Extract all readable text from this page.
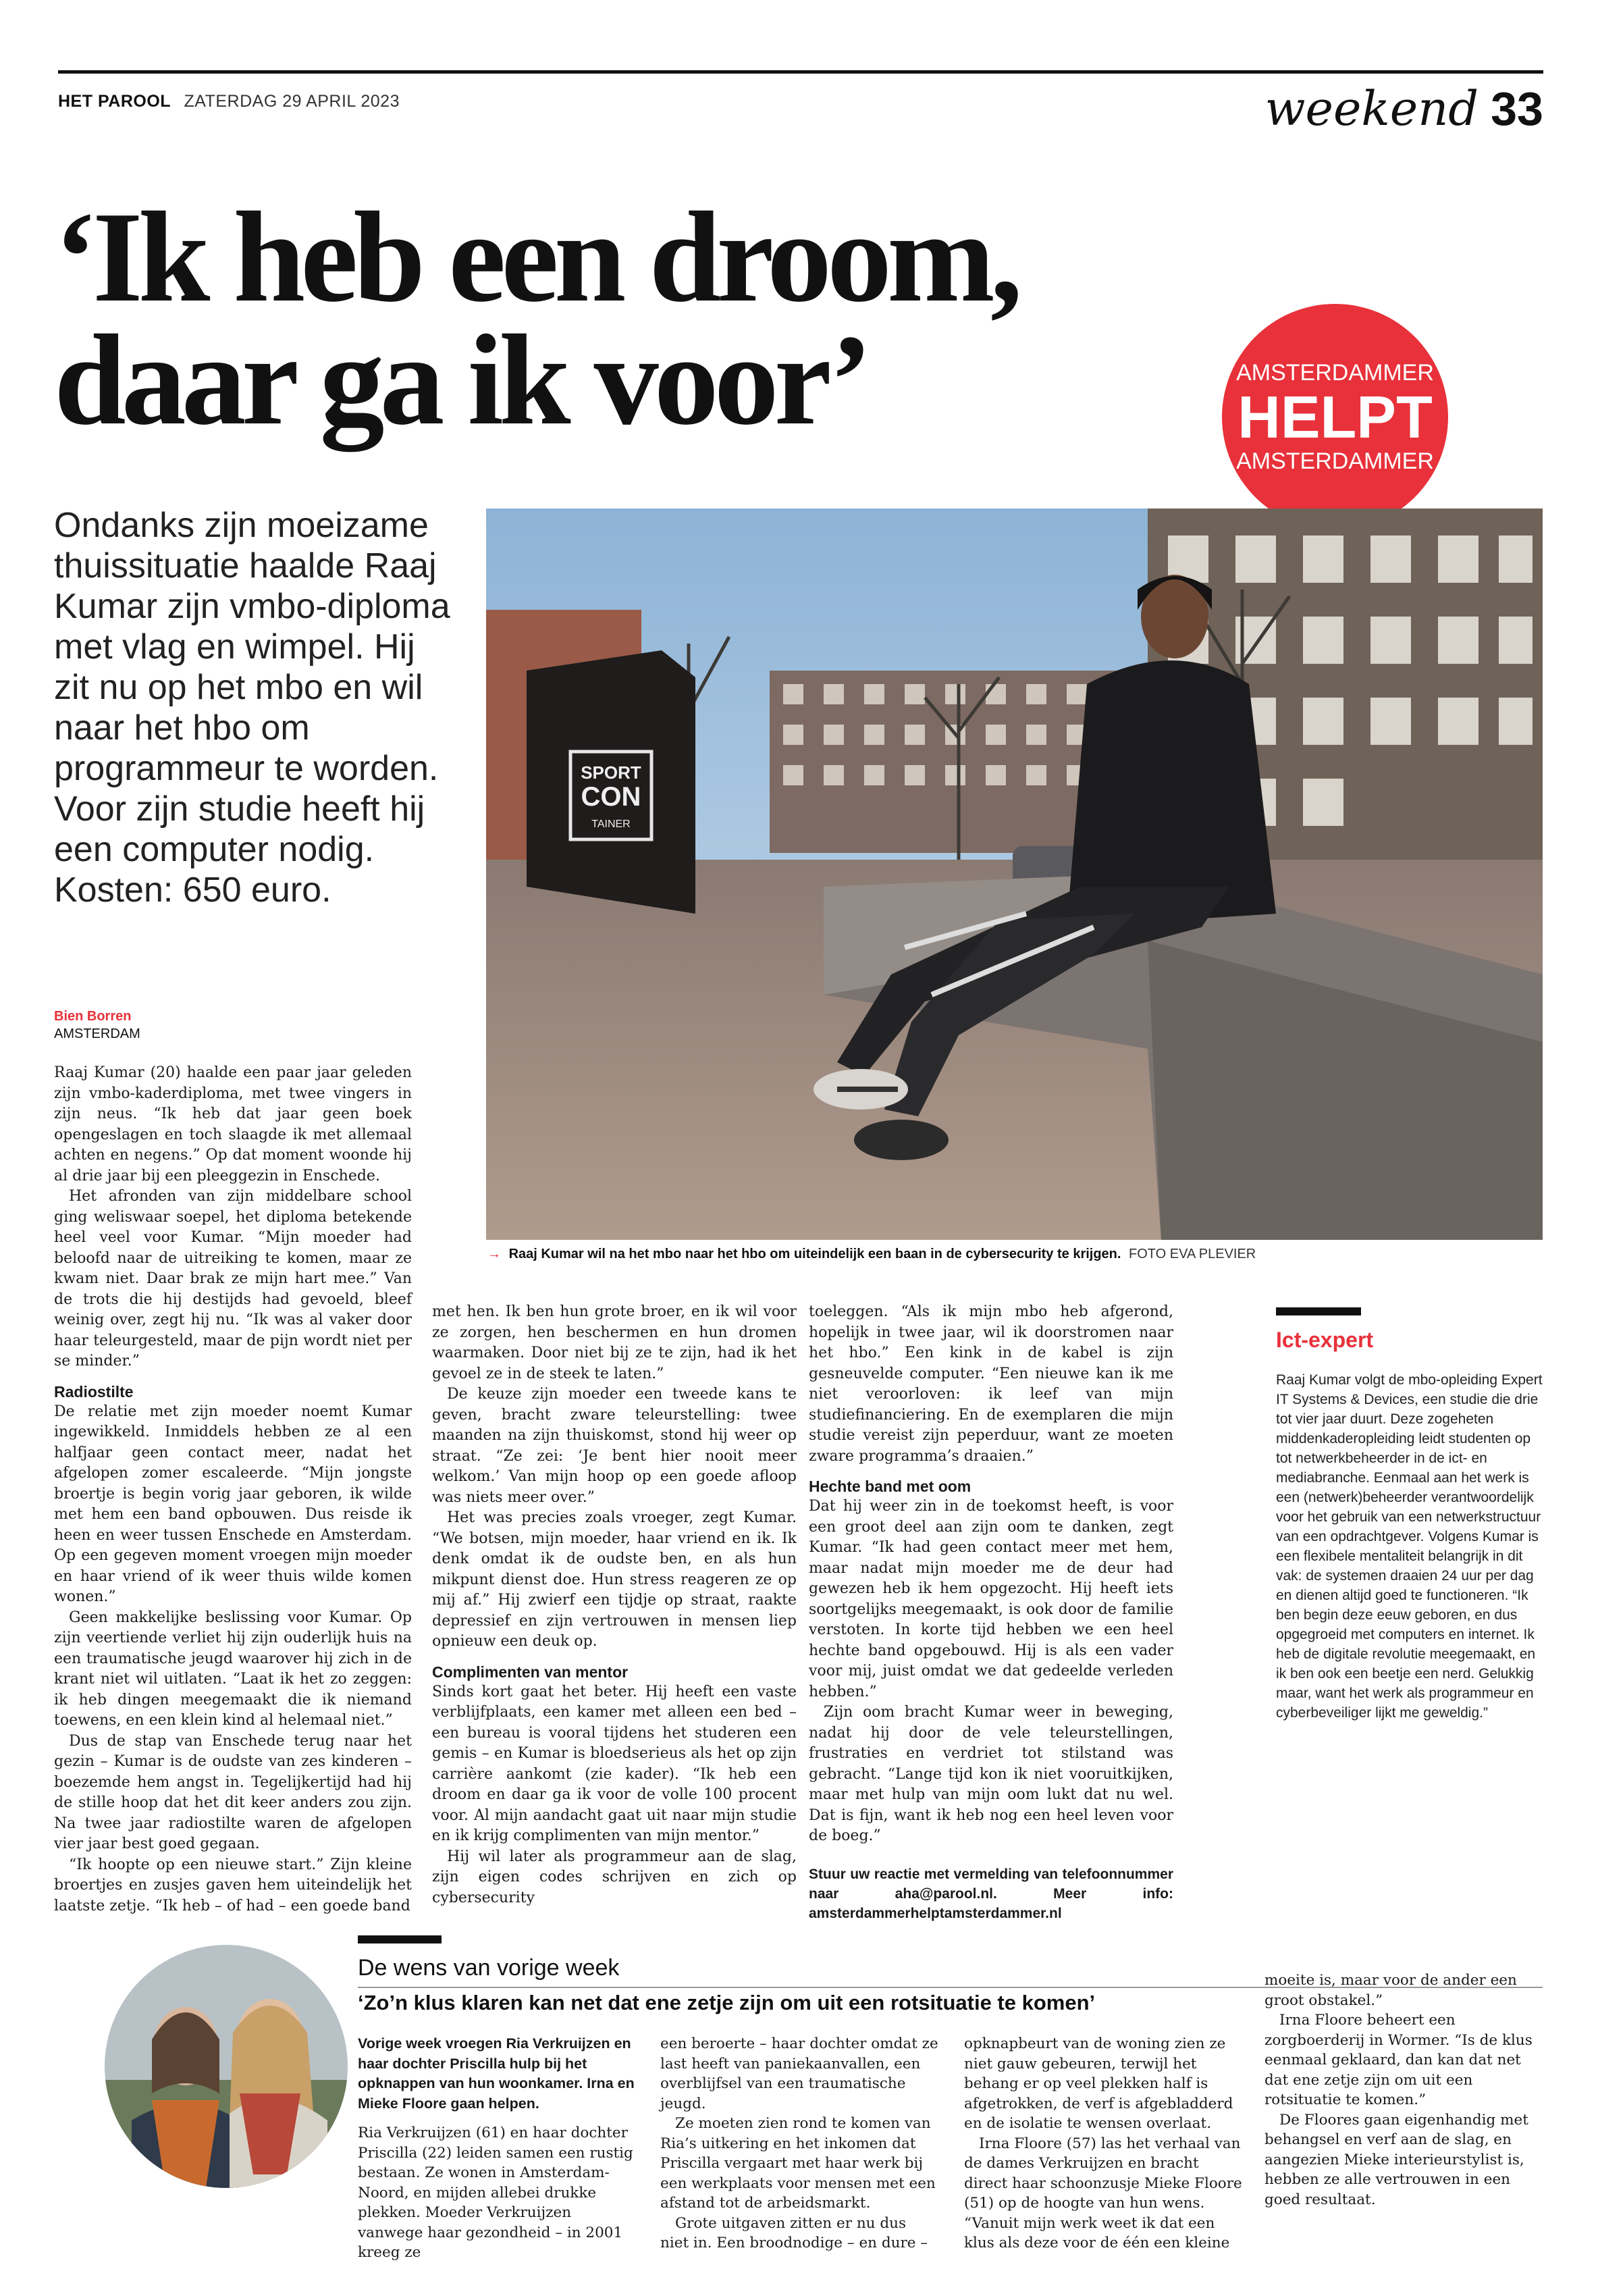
HET PAROOL ZATERDAG 29 APRIL 2023	weekend 33
‘Ik heb een droom,
daar ga ik voor’	AMSTERDAMMER
HELPT
AMSTERDAMMER

Ondanks zijn moeizame thuissituatie haalde Raaj Kumar zijn vmbo-diploma met vlag en wimpel. Hij zit nu op het mbo en wil naar het hbo om programmeur te worden. Voor zijn studie heeft hij een computer nodig. Kosten: 650 euro.

SPORT
CON
TAINER
→ Raaj Kumar wil na het mbo naar het hbo om uiteindelijk een baan in de cybersecurity te krijgen. FOTO EVA PLEVIER
Bien Borren
AMSTERDAM

Raaj Kumar (20) haalde een paar jaar geleden zijn vmbo-kaderdiploma, met twee vingers in zijn neus. “Ik heb dat jaar geen boek opengeslagen en toch slaagde ik met allemaal achten en negens.” Op dat moment woonde hij al drie jaar bij een pleeggezin in Enschede.

Het afronden van zijn middelbare school ging weliswaar soepel, het diploma betekende heel veel voor Kumar. “Mijn moeder had beloofd naar de uitreiking te komen, maar ze kwam niet. Daar brak ze mijn hart mee.” Van de trots die hij destijds had gevoeld, bleef weinig over, zegt hij nu. “Ik was al vaker door haar teleurgesteld, maar de pijn wordt niet per se minder.”

Radiostilte

De relatie met zijn moeder noemt Kumar ingewikkeld. Inmiddels hebben ze al een halfjaar geen contact meer, nadat het afgelopen zomer escaleerde. “Mijn jongste broertje is begin vorig jaar geboren, ik wilde met hem een band opbouwen. Dus reisde ik heen en weer tussen Enschede en Amsterdam. Op een gegeven moment vroegen mijn moeder en haar vriend of ik weer thuis wilde komen wonen.”

Geen makkelijke beslissing voor Kumar. Op zijn veertiende verliet hij zijn ouderlijk huis na een traumatische jeugd waarover hij zich in de krant niet wil uitlaten. “Laat ik het zo zeggen: ik heb dingen meegemaakt die ik niemand toewens, en een klein kind al helemaal niet.”

Dus de stap van Enschede terug naar het gezin – Kumar is de oudste van zes kinderen – boezemde hem angst in. Tegelijkertijd had hij de stille hoop dat het dit keer anders zou zijn. Na twee jaar radiostilte waren de afgelopen vier jaar best goed gegaan.

“Ik hoopte op een nieuwe start.” Zijn kleine broertjes en zusjes gaven hem uiteindelijk het laatste zetje. “Ik heb – of had – een goede band

met hen. Ik ben hun grote broer, en ik wil voor ze zorgen, hen beschermen en hun dromen waarmaken. Door niet bij ze te zijn, had ik het gevoel ze in de steek te laten.”

De keuze zijn moeder een tweede kans te geven, bracht zware teleurstelling: twee maanden na zijn thuiskomst, stond hij weer op straat. “Ze zei: ‘Je bent hier nooit meer welkom.’ Van mijn hoop op een goede afloop was niets meer over.”

Het was precies zoals vroeger, zegt Kumar. “We botsen, mijn moeder, haar vriend en ik. Ik denk omdat ik de oudste ben, en als hun mikpunt dienst doe. Hun stress reageren ze op mij af.” Hij zwierf een tijdje op straat, raakte depressief en zijn vertrouwen in mensen liep opnieuw een deuk op.

Complimenten van mentor

Sinds kort gaat het beter. Hij heeft een vaste verblijfplaats, een kamer met alleen een bed – een bureau is vooral tijdens het studeren een gemis – en Kumar is bloedserieus als het op zijn carrière aankomt (zie kader). “Ik heb een droom en daar ga ik voor de volle 100 procent voor. Al mijn aandacht gaat uit naar mijn studie en ik krijg complimenten van mijn mentor.”

Hij wil later als programmeur aan de slag, zijn eigen codes schrijven en zich op cybersecurity

toeleggen. “Als ik mijn mbo heb afgerond, hopelijk in twee jaar, wil ik doorstromen naar het hbo.” Een kink in de kabel is zijn gesneuvelde computer. “Een nieuwe kan ik me niet veroorloven: ik leef van mijn studiefinanciering. En de exemplaren die mijn studie vereist zijn peperduur, want ze moeten zware programma’s draaien.”

Hechte band met oom

Dat hij weer zin in de toekomst heeft, is voor een groot deel aan zijn oom te danken, zegt Kumar. “Ik had geen contact meer met hem, maar nadat mijn moeder me de deur had gewezen heb ik hem opgezocht. Hij heeft iets soortgelijks meegemaakt, is ook door de familie verstoten. In korte tijd hebben we een heel hechte band opgebouwd. Hij is als een vader voor mij, juist omdat we dat gedeelde verleden hebben.”

Zijn oom bracht Kumar weer in beweging, nadat hij door de vele teleurstellingen, frustraties en verdriet tot stilstand was gebracht. “Lange tijd kon ik niet vooruitkijken, maar met hulp van mijn oom lukt dat nu wel. Dat is fijn, want ik heb nog een heel leven voor de boeg.”

Stuur uw reactie met vermelding van telefoonnummer naar aha@parool.nl. Meer info: amsterdammerhelptamsterdammer.nl

Ict-expert

Raaj Kumar volgt de mbo-opleiding Expert IT Systems & Devices, een studie die drie tot vier jaar duurt. Deze zogeheten middenkaderopleiding leidt studenten op tot netwerkbeheerder in de ict- en mediabranche. Eenmaal aan het werk is een (netwerk)beheerder verantwoordelijk voor het gebruik van een netwerkstructuur van een opdrachtgever. Volgens Kumar is een flexibele mentaliteit belangrijk in dit vak: de systemen draaien 24 uur per dag en dienen altijd goed te functioneren. “Ik ben begin deze eeuw geboren, en dus opgegroeid met computers en internet. Ik heb de digitale revolutie meegemaakt, en ik ben ook een beetje een nerd. Gelukkig maar, want het werk als programmeur en cyberbeveiliger lijkt me geweldig.”

De wens van vorige week
‘Zo’n klus klaren kan net dat ene zetje zijn om uit een rotsituatie te komen’

Vorige week vroegen Ria Verkruijzen en haar dochter Priscilla hulp bij het opknappen van hun woonkamer. Irna en Mieke Floore gaan helpen.

Ria Verkruijzen (61) en haar dochter Priscilla (22) leiden samen een rustig bestaan. Ze wonen in Amsterdam-Noord, en mijden allebei drukke plekken. Moeder Verkruijzen vanwege haar gezondheid – in 2001 kreeg ze

een beroerte – haar dochter omdat ze last heeft van paniekaanvallen, een overblijfsel van een traumatische jeugd.

Ze moeten zien rond te komen van Ria’s uitkering en het inkomen dat Priscilla vergaart met haar werk bij een werkplaats voor mensen met een afstand tot de arbeidsmarkt.

Grote uitgaven zitten er nu dus niet in. Een broodnodige – en dure –

opknapbeurt van de woning zien ze niet gauw gebeuren, terwijl het behang er op veel plekken half is afgetrokken, de verf is afgebladderd en de isolatie te wensen overlaat.

Irna Floore (57) las het verhaal van de dames Verkruijzen en bracht direct haar schoonzusje Mieke Floore (51) op de hoogte van hun wens. “Vanuit mijn werk weet ik dat een klus als deze voor de één een kleine

moeite is, maar voor de ander een groot obstakel.”

Irna Floore beheert een zorgboerderij in Wormer. “Is de klus eenmaal geklaard, dan kan dat net dat ene zetje zijn om uit een rotsituatie te komen.”

De Floores gaan eigenhandig met behangsel en verf aan de slag, en aangezien Mieke interieurstylist is, hebben ze alle vertrouwen in een goed resultaat.
